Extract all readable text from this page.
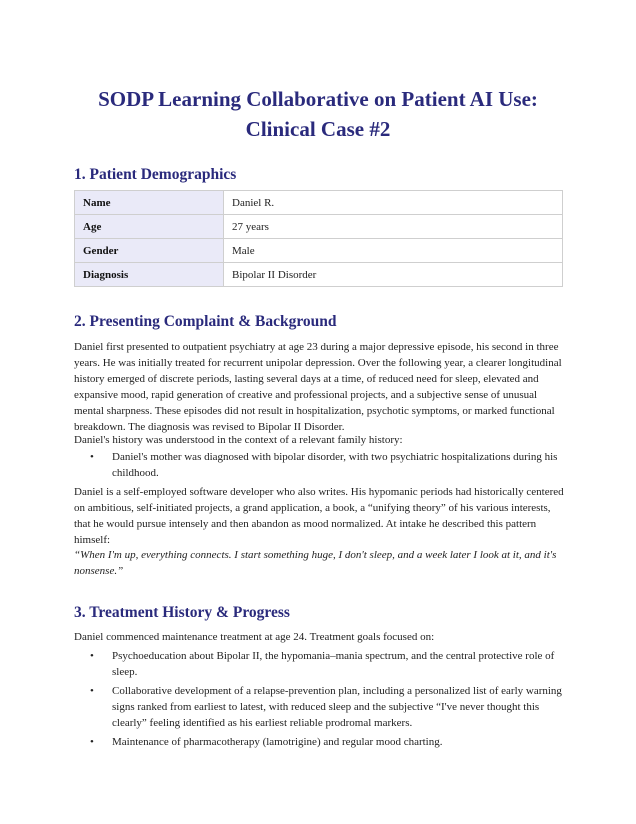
SODP Learning Collaborative on Patient AI Use:
Clinical Case #2
1. Patient Demographics
Name	Daniel R.
Age	27 years
Gender	Male
Diagnosis	Bipolar II Disorder
2. Presenting Complaint & Background

Daniel first presented to outpatient psychiatry at age 23 during a major depressive episode, his second in three years. He was initially treated for recurrent unipolar depression. Over the following year, a clearer longitudinal history emerged of discrete periods, lasting several days at a time, of reduced need for sleep, elevated and expansive mood, rapid generation of creative and professional projects, and a subjective sense of unusual mental sharpness. These episodes did not result in hospitalization, psychotic symptoms, or marked functional breakdown. The diagnosis was revised to Bipolar II Disorder.

Daniel's history was understood in the context of a relevant family history:

• Daniel's mother was diagnosed with bipolar disorder, with two psychiatric hospitalizations during his childhood.

Daniel is a self-employed software developer who also writes. His hypomanic periods had historically centered on ambitious, self-initiated projects, a grand application, a book, a “unifying theory” of his various interests, that he would pursue intensely and then abandon as mood normalized. At intake he described this pattern himself:

“When I'm up, everything connects. I start something huge, I don't sleep, and a week later I look at it, and it's nonsense.”

3. Treatment History & Progress

Daniel commenced maintenance treatment at age 24. Treatment goals focused on:

• Psychoeducation about Bipolar II, the hypomania–mania spectrum, and the central protective role of sleep.
• Collaborative development of a relapse-prevention plan, including a personalized list of early warning signs ranked from earliest to latest, with reduced sleep and the subjective “I've never thought this clearly” feeling identified as his earliest reliable prodromal markers.
• Maintenance of pharmacotherapy (lamotrigine) and regular mood charting.
